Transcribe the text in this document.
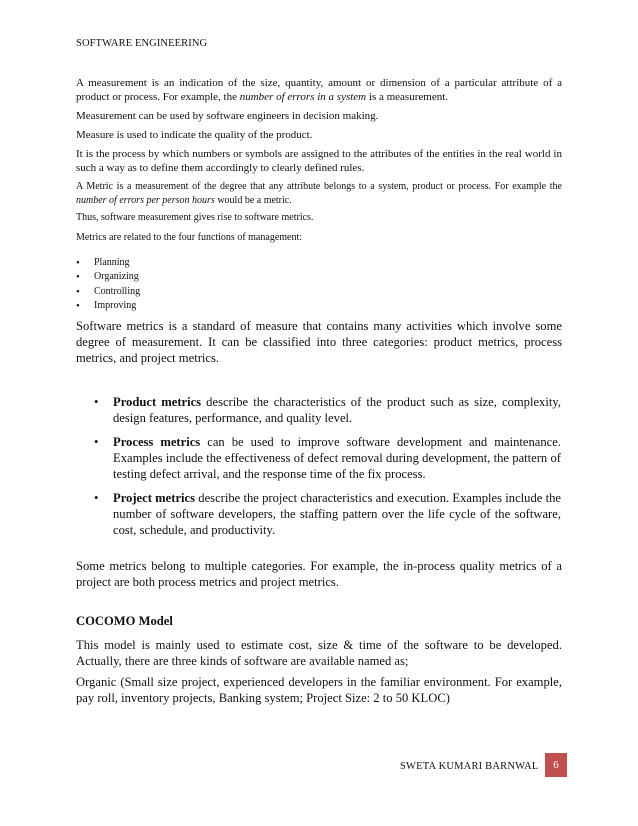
SOFTWARE ENGINEERING
A measurement is an indication of the size, quantity, amount or dimension of a particular attribute of a product or process. For example, the number of errors in a system is a measurement.
Measurement can be used by software engineers in decision making.
Measure is used to indicate the quality of the product.
It is the process by which numbers or symbols are assigned to the attributes of the entities in the real world in such a way as to define them accordingly to clearly defined rules.
A Metric is a measurement of the degree that any attribute belongs to a system, product or process. For example the number of errors per person hours would be a metric.
Thus, software measurement gives rise to software metrics.
Metrics are related to the four functions of management:
• Planning
• Organizing
• Controlling
• Improving
Software metrics is a standard of measure that contains many activities which involve some degree of measurement. It can be classified into three categories: product metrics, process metrics, and project metrics.
• Product metrics describe the characteristics of the product such as size, complexity, design features, performance, and quality level.
• Process metrics can be used to improve software development and maintenance. Examples include the effectiveness of defect removal during development, the pattern of testing defect arrival, and the response time of the fix process.
• Project metrics describe the project characteristics and execution. Examples include the number of software developers, the staffing pattern over the life cycle of the software, cost, schedule, and productivity.
Some metrics belong to multiple categories. For example, the in-process quality metrics of a project are both process metrics and project metrics.
COCOMO Model
This model is mainly used to estimate cost, size & time of the software to be developed. Actually, there are three kinds of software are available named as;
Organic (Small size project, experienced developers in the familiar environment. For example, pay roll, inventory projects, Banking system; Project Size: 2 to 50 KLOC)
SWETA KUMARI BARNWAL	6
